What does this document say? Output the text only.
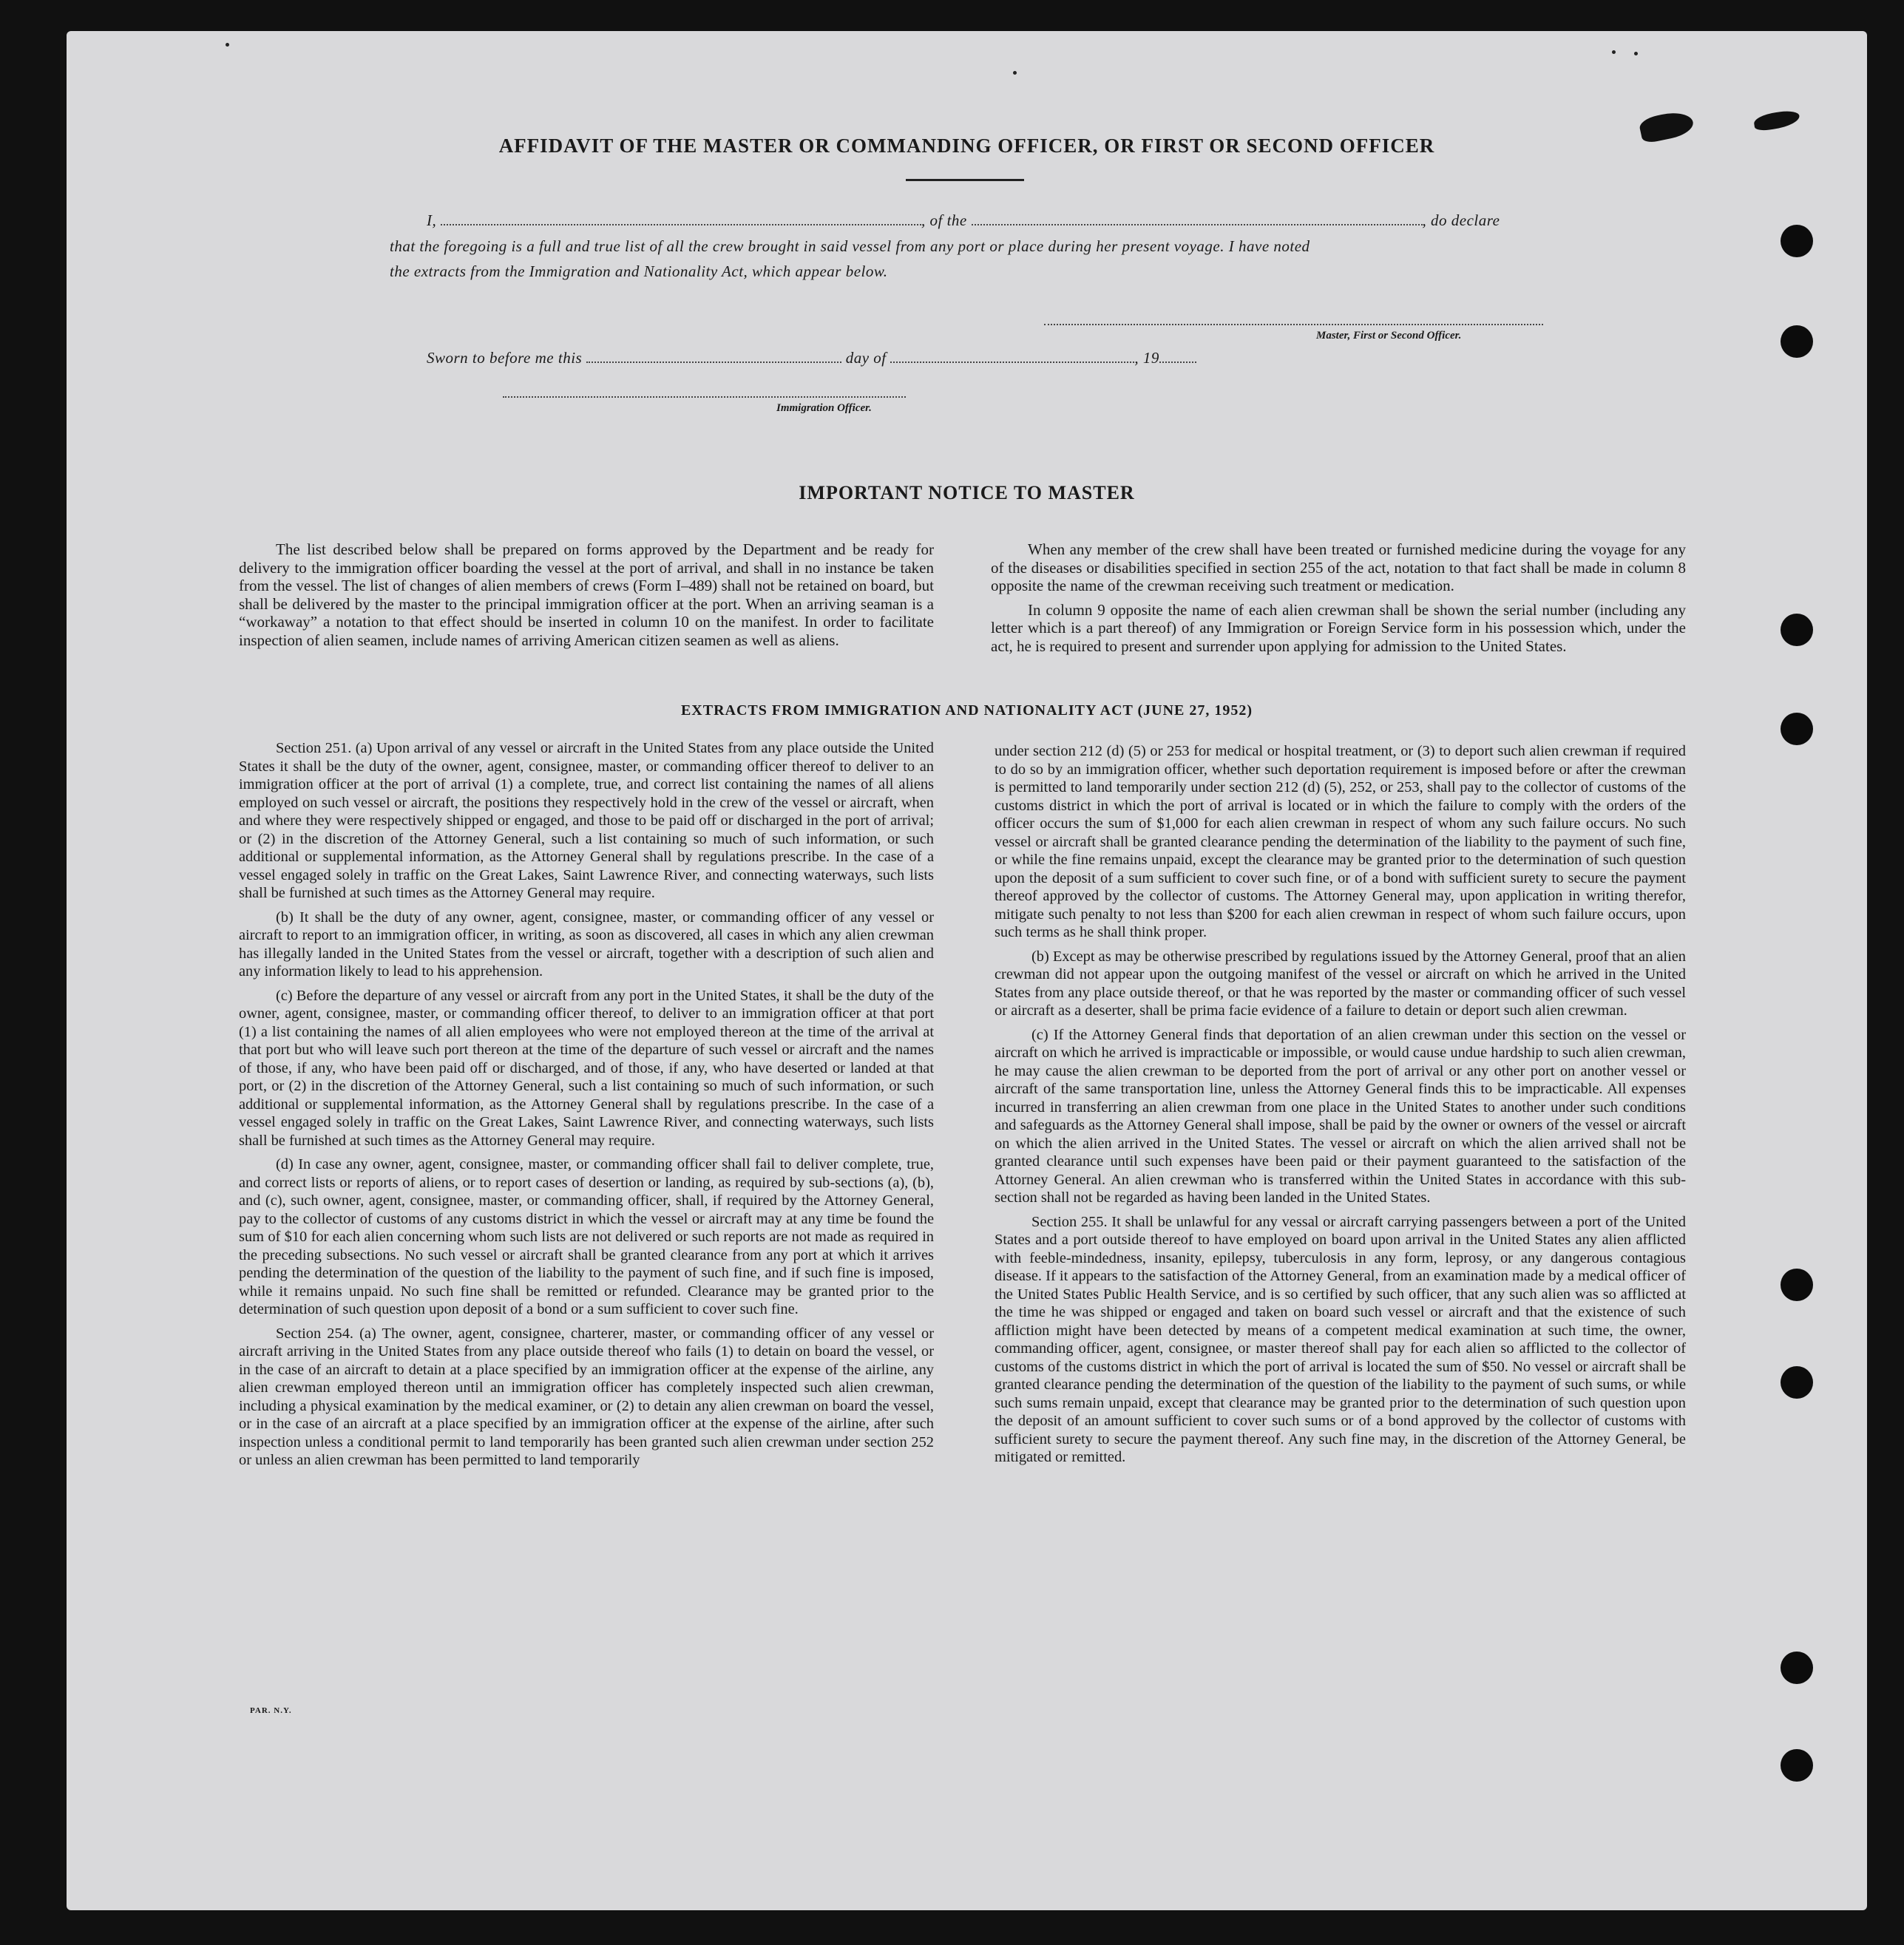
AFFIDAVIT OF THE MASTER OR COMMANDING OFFICER, OR FIRST OR SECOND OFFICER
I,	, of the	, do declare
that the foregoing is a full and true list of all the crew brought in said vessel from any port or place during her present voyage. I have noted
the extracts from the Immigration and Nationality Act, which appear below.
Master, First or Second Officer.
Sworn to before me this	day of	, 19
Immigration Officer.
IMPORTANT NOTICE TO MASTER

The list described below shall be prepared on forms approved by the Department and be ready for delivery to the immigration officer boarding the vessel at the port of arrival, and shall in no instance be taken from the vessel. The list of changes of alien members of crews (Form I–489) shall not be retained on board, but shall be delivered by the master to the principal immigration officer at the port. When an arriving seaman is a “workaway” a notation to that effect should be inserted in column 10 on the manifest. In order to facilitate inspection of alien seamen, include names of arriving American citizen seamen as well as aliens.

When any member of the crew shall have been treated or furnished medicine during the voyage for any of the diseases or disabilities specified in section 255 of the act, notation to that fact shall be made in column 8 opposite the name of the crewman receiving such treatment or medication.

In column 9 opposite the name of each alien crewman shall be shown the serial number (including any letter which is a part thereof) of any Immigration or Foreign Service form in his possession which, under the act, he is required to present and surrender upon applying for admission to the United States.

EXTRACTS FROM IMMIGRATION AND NATIONALITY ACT (JUNE 27, 1952)

Section 251. (a) Upon arrival of any vessel or aircraft in the United States from any place outside the United States it shall be the duty of the owner, agent, consignee, master, or commanding officer thereof to deliver to an immigration officer at the port of arrival (1) a complete, true, and correct list containing the names of all aliens employed on such vessel or aircraft, the positions they respectively hold in the crew of the vessel or aircraft, when and where they were respectively shipped or engaged, and those to be paid off or discharged in the port of arrival; or (2) in the discretion of the Attorney General, such a list containing so much of such information, or such additional or supplemental information, as the Attorney General shall by regulations prescribe. In the case of a vessel engaged solely in traffic on the Great Lakes, Saint Lawrence River, and connecting waterways, such lists shall be furnished at such times as the Attorney General may require.

(b) It shall be the duty of any owner, agent, consignee, master, or commanding officer of any vessel or aircraft to report to an immigration officer, in writing, as soon as discovered, all cases in which any alien crewman has illegally landed in the United States from the vessel or aircraft, together with a description of such alien and any information likely to lead to his apprehension.

(c) Before the departure of any vessel or aircraft from any port in the United States, it shall be the duty of the owner, agent, consignee, master, or commanding officer thereof, to deliver to an immigration officer at that port (1) a list containing the names of all alien employees who were not employed thereon at the time of the arrival at that port but who will leave such port thereon at the time of the departure of such vessel or aircraft and the names of those, if any, who have been paid off or discharged, and of those, if any, who have deserted or landed at that port, or (2) in the discretion of the Attorney General, such a list containing so much of such information, or such additional or supplemental information, as the Attorney General shall by regulations prescribe. In the case of a vessel engaged solely in traffic on the Great Lakes, Saint Lawrence River, and connecting waterways, such lists shall be furnished at such times as the Attorney General may require.

(d) In case any owner, agent, consignee, master, or commanding officer shall fail to deliver complete, true, and correct lists or reports of aliens, or to report cases of desertion or landing, as required by sub-sections (a), (b), and (c), such owner, agent, consignee, master, or commanding officer, shall, if required by the Attorney General, pay to the collector of customs of any customs district in which the vessel or aircraft may at any time be found the sum of $10 for each alien concerning whom such lists are not delivered or such reports are not made as required in the preceding subsections. No such vessel or aircraft shall be granted clearance from any port at which it arrives pending the determination of the question of the liability to the payment of such fine, and if such fine is imposed, while it remains unpaid. No such fine shall be remitted or refunded. Clearance may be granted prior to the determination of such question upon deposit of a bond or a sum sufficient to cover such fine.

Section 254. (a) The owner, agent, consignee, charterer, master, or commanding officer of any vessel or aircraft arriving in the United States from any place outside thereof who fails (1) to detain on board the vessel, or in the case of an aircraft to detain at a place specified by an immigration officer at the expense of the airline, any alien crewman employed thereon until an immigration officer has completely inspected such alien crewman, including a physical examination by the medical examiner, or (2) to detain any alien crewman on board the vessel, or in the case of an aircraft at a place specified by an immigration officer at the expense of the airline, after such inspection unless a conditional permit to land temporarily has been granted such alien crewman under section 252 or unless an alien crewman has been permitted to land temporarily

under section 212 (d) (5) or 253 for medical or hospital treatment, or (3) to deport such alien crewman if required to do so by an immigration officer, whether such deportation requirement is imposed before or after the crewman is permitted to land temporarily under section 212 (d) (5), 252, or 253, shall pay to the collector of customs of the customs district in which the port of arrival is located or in which the failure to comply with the orders of the officer occurs the sum of $1,000 for each alien crewman in respect of whom any such failure occurs. No such vessel or aircraft shall be granted clearance pending the determination of the liability to the payment of such fine, or while the fine remains unpaid, except the clearance may be granted prior to the determination of such question upon the deposit of a sum sufficient to cover such fine, or of a bond with sufficient surety to secure the payment thereof approved by the collector of customs. The Attorney General may, upon application in writing therefor, mitigate such penalty to not less than $200 for each alien crewman in respect of whom such failure occurs, upon such terms as he shall think proper.

(b) Except as may be otherwise prescribed by regulations issued by the Attorney General, proof that an alien crewman did not appear upon the outgoing manifest of the vessel or aircraft on which he arrived in the United States from any place outside thereof, or that he was reported by the master or commanding officer of such vessel or aircraft as a deserter, shall be prima facie evidence of a failure to detain or deport such alien crewman.

(c) If the Attorney General finds that deportation of an alien crewman under this section on the vessel or aircraft on which he arrived is impracticable or impossible, or would cause undue hardship to such alien crewman, he may cause the alien crewman to be deported from the port of arrival or any other port on another vessel or aircraft of the same transportation line, unless the Attorney General finds this to be impracticable. All expenses incurred in transferring an alien crewman from one place in the United States to another under such conditions and safeguards as the Attorney General shall impose, shall be paid by the owner or owners of the vessel or aircraft on which the alien arrived in the United States. The vessel or aircraft on which the alien arrived shall not be granted clearance until such expenses have been paid or their payment guaranteed to the satisfaction of the Attorney General. An alien crewman who is transferred within the United States in accordance with this sub-section shall not be regarded as having been landed in the United States.

Section 255. It shall be unlawful for any vessal or aircraft carrying passengers between a port of the United States and a port outside thereof to have employed on board upon arrival in the United States any alien afflicted with feeble-mindedness, insanity, epilepsy, tuberculosis in any form, leprosy, or any dangerous contagious disease. If it appears to the satisfaction of the Attorney General, from an examination made by a medical officer of the United States Public Health Service, and is so certified by such officer, that any such alien was so afflicted at the time he was shipped or engaged and taken on board such vessel or aircraft and that the existence of such affliction might have been detected by means of a competent medical examination at such time, the owner, commanding officer, agent, consignee, or master thereof shall pay for each alien so afflicted to the collector of customs of the customs district in which the port of arrival is located the sum of $50. No vessel or aircraft shall be granted clearance pending the determination of the question of the liability to the payment of such sums, or while such sums remain unpaid, except that clearance may be granted prior to the determination of such question upon the deposit of an amount sufficient to cover such sums or of a bond approved by the collector of customs with sufficient surety to secure the payment thereof. Any such fine may, in the discretion of the Attorney General, be mitigated or remitted.

PAR. N.Y.
